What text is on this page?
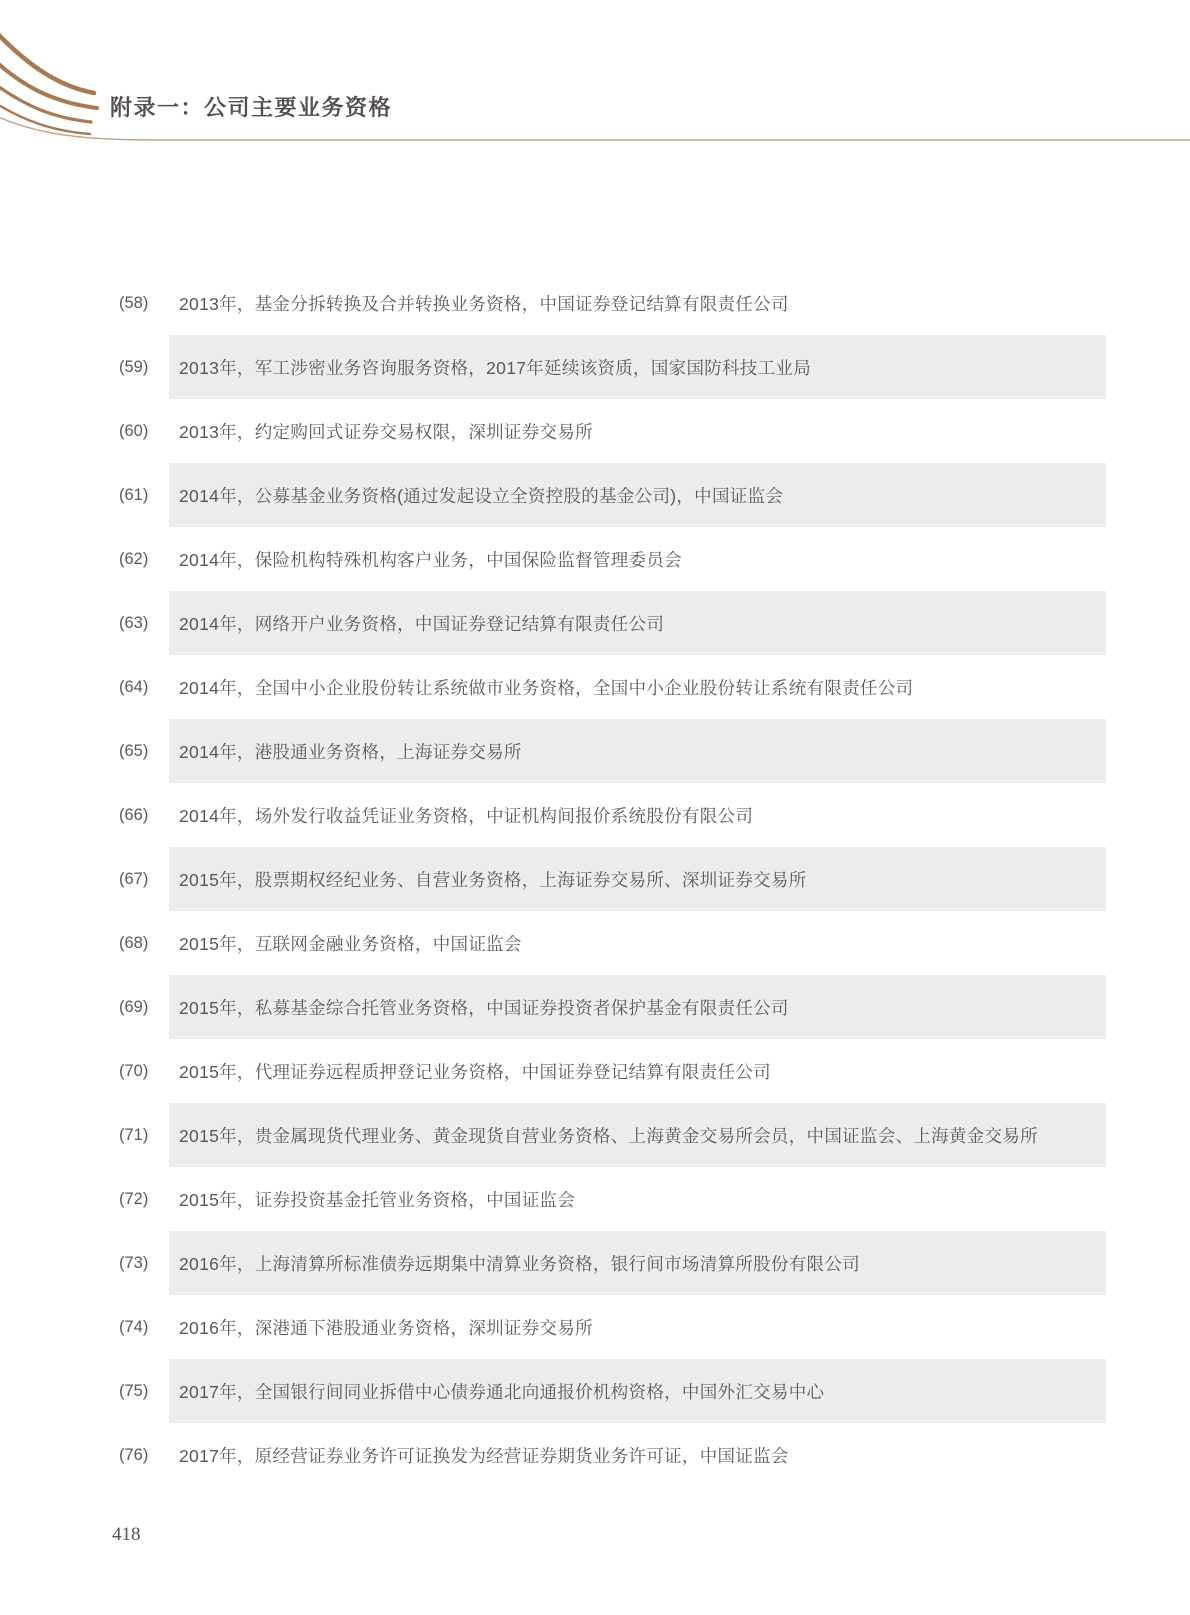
附录一：公司主要业务资格
(58)	2013年，基金分拆转换及合并转换业务资格，中国证券登记结算有限责任公司
(59)	2013年，军工涉密业务咨询服务资格，2017年延续该资质，国家国防科技工业局
(60)	2013年，约定购回式证券交易权限，深圳证券交易所
(61)	2014年，公募基金业务资格(通过发起设立全资控股的基金公司)，中国证监会
(62)	2014年，保险机构特殊机构客户业务，中国保险监督管理委员会
(63)	2014年，网络开户业务资格，中国证券登记结算有限责任公司
(64)	2014年，全国中小企业股份转让系统做市业务资格，全国中小企业股份转让系统有限责任公司
(65)	2014年，港股通业务资格，上海证券交易所
(66)	2014年，场外发行收益凭证业务资格，中证机构间报价系统股份有限公司
(67)	2015年，股票期权经纪业务、自营业务资格，上海证券交易所、深圳证券交易所
(68)	2015年，互联网金融业务资格，中国证监会
(69)	2015年，私募基金综合托管业务资格，中国证券投资者保护基金有限责任公司
(70)	2015年，代理证券远程质押登记业务资格，中国证券登记结算有限责任公司
(71)	2015年，贵金属现货代理业务、黄金现货自营业务资格、上海黄金交易所会员，中国证监会、上海黄金交易所
(72)	2015年，证券投资基金托管业务资格，中国证监会
(73)	2016年，上海清算所标准债券远期集中清算业务资格，银行间市场清算所股份有限公司
(74)	2016年，深港通下港股通业务资格，深圳证券交易所
(75)	2017年，全国银行间同业拆借中心债券通北向通报价机构资格，中国外汇交易中心
(76)	2017年，原经营证券业务许可证换发为经营证券期货业务许可证，中国证监会
418
